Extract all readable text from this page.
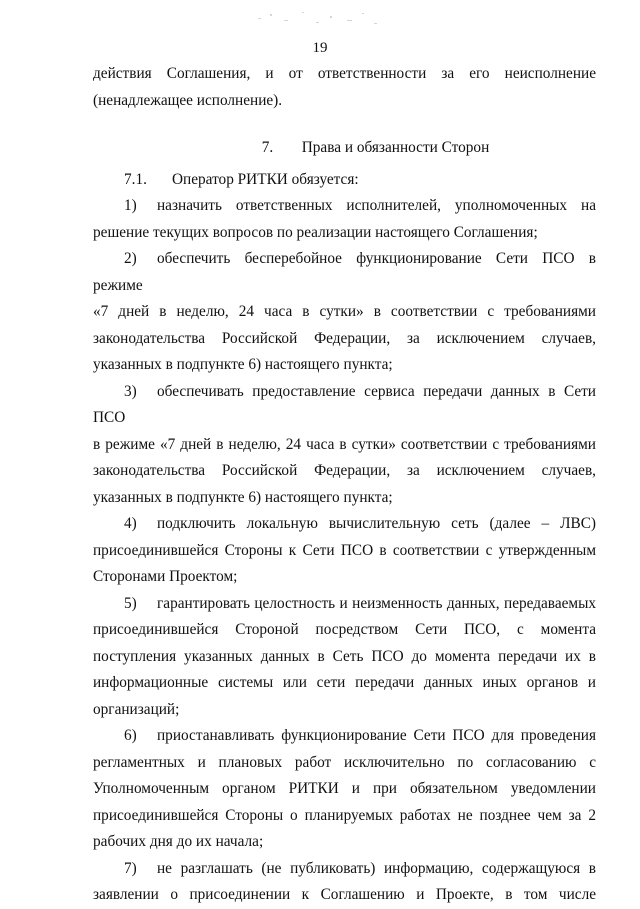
19

действия Соглашения, и от ответственности за его неисполнение

(ненадлежащее исполнение).

7. Права и обязанности Сторон

7.1. Оператор РИТКИ обязуется:

1) назначить ответственных исполнителей, уполномоченных на

решение текущих вопросов по реализации настоящего Соглашения;

2) обеспечить бесперебойное функционирование Сети ПСО в режиме

«7 дней в неделю, 24 часа в сутки» в соответствии с требованиями законодательства Российской Федерации, за исключением случаев, указанных в подпункте 6) настоящего пункта;

3) обеспечивать предоставление сервиса передачи данных в Сети ПСО

в режиме «7 дней в неделю, 24 часа в сутки» соответствии с требованиями законодательства Российской Федерации, за исключением случаев, указанных в подпункте 6) настоящего пункта;

4) подключить локальную вычислительную сеть (далее – ЛВС)

присоединившейся Стороны к Сети ПСО в соответствии с утвержденным Сторонами Проектом;

5) гарантировать целостность и неизменность данных, передаваемых

присоединившейся Стороной посредством Сети ПСО, с момента поступления указанных данных в Сеть ПСО до момента передачи их в информационные системы или сети передачи данных иных органов и организаций;

6) приостанавливать функционирование Сети ПСО для проведения

регламентных и плановых работ исключительно по согласованию с Уполномоченным органом РИТКИ и при обязательном уведомлении присоединившейся Стороны о планируемых работах не позднее чем за 2 рабочих дня до их начала;

7) не разглашать (не публиковать) информацию, содержащуюся в

заявлении о присоединении к Соглашению и Проекте, в том числе
